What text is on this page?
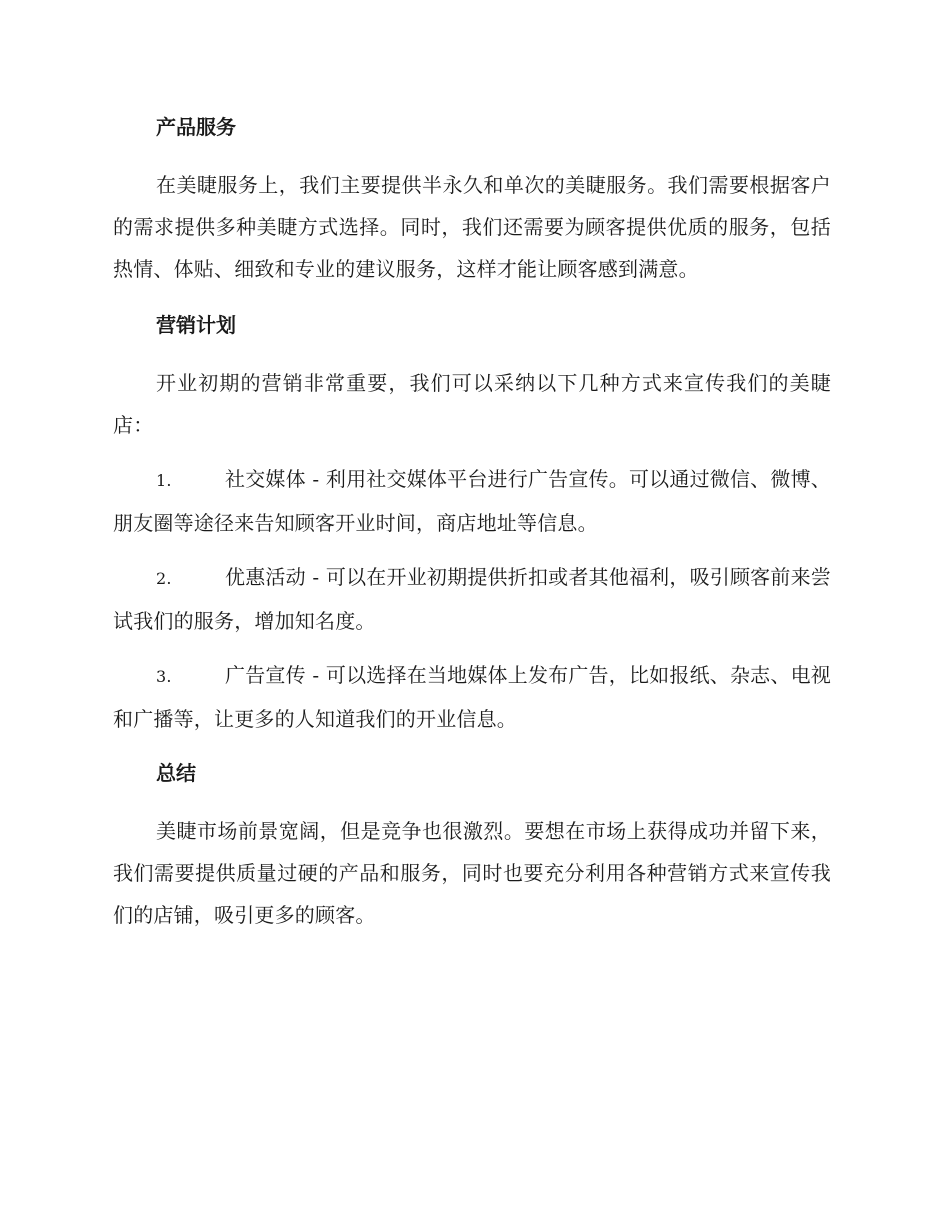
产品服务

在美睫服务上，我们主要提供半永久和单次的美睫服务。我们需要根据客户的需求提供多种美睫方式选择。同时，我们还需要为顾客提供优质的服务，包括热情、体贴、细致和专业的建议服务，这样才能让顾客感到满意。

营销计划

开业初期的营销非常重要，我们可以采纳以下几种方式来宣传我们的美睫店：

1.	社交媒体 - 利用社交媒体平台进行广告宣传。可以通过微信、微博、朋友圈等途径来告知顾客开业时间，商店地址等信息。
2.	优惠活动 - 可以在开业初期提供折扣或者其他福利，吸引顾客前来尝试我们的服务，增加知名度。
3.	广告宣传 - 可以选择在当地媒体上发布广告，比如报纸、杂志、电视和广播等，让更多的人知道我们的开业信息。
总结

美睫市场前景宽阔，但是竞争也很激烈。要想在市场上获得成功并留下来，我们需要提供质量过硬的产品和服务，同时也要充分利用各种营销方式来宣传我们的店铺，吸引更多的顾客。
